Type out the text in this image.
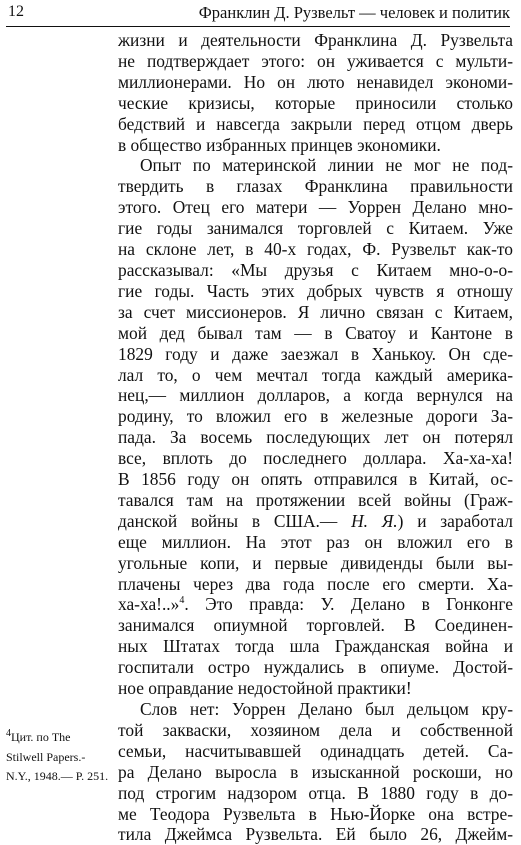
12	Франклин Д. Рузвельт — человек и политик
жизни и деятельности Франклина Д. Рузвельта
не подтверждает этого: он уживается с мульти-
миллионерами. Но он люто ненавидел экономи-
ческие кризисы, которые приносили столько
бедствий и навсегда закрыли перед отцом дверь
в общество избранных принцев экономики.
Опыт по материнской линии не мог не под-
твердить в глазах Франклина правильности
этого. Отец его матери — Уоррен Делано мно-
гие годы занимался торговлей с Китаем. Уже
на склоне лет, в 40-х годах, Ф. Рузвельт как-то
рассказывал: «Мы друзья с Китаем мно-о-о-
гие годы. Часть этих добрых чувств я отношу
за счет миссионеров. Я лично связан с Китаем,
мой дед бывал там — в Сватоу и Кантоне в
1829 году и даже заезжал в Ханькоу. Он сде-
лал то, о чем мечтал тогда каждый америка-
нец,— миллион долларов, а когда вернулся на
родину, то вложил его в железные дороги За-
пада. За восемь последующих лет он потерял
все, вплоть до последнего доллара. Ха-ха-ха!
В 1856 году он опять отправился в Китай, ос-
тавался там на протяжении всей войны (Граж-
данской войны в США.— Н. Я.) и заработал
еще миллион. На этот раз он вложил его в
угольные копи, и первые дивиденды были вы-
плачены через два года после его смерти. Ха-
ха-ха!..»$^4$. Это правда: У. Делано в Гонконге
занимался опиумной торговлей. В Соединен-
ных Штатах тогда шла Гражданская война и
госпитали остро нуждались в опиуме. Достой-
ное оправдание недостойной практики!
Слов нет: Уоррен Делано был дельцом кру-
той закваски, хозяином дела и собственной
семьи, насчитывавшей одинадцать детей. Са-
ра Делано выросла в изысканной роскоши, но
под строгим надзором отца. В 1880 году в до-
ме Теодора Рузвельта в Нью-Йорке она встре-
тила Джеймса Рузвельта. Ей было 26, Джейм-
$^4$Цит. по The
Stilwell Papers.-
N.Y., 1948.— P. 251.
